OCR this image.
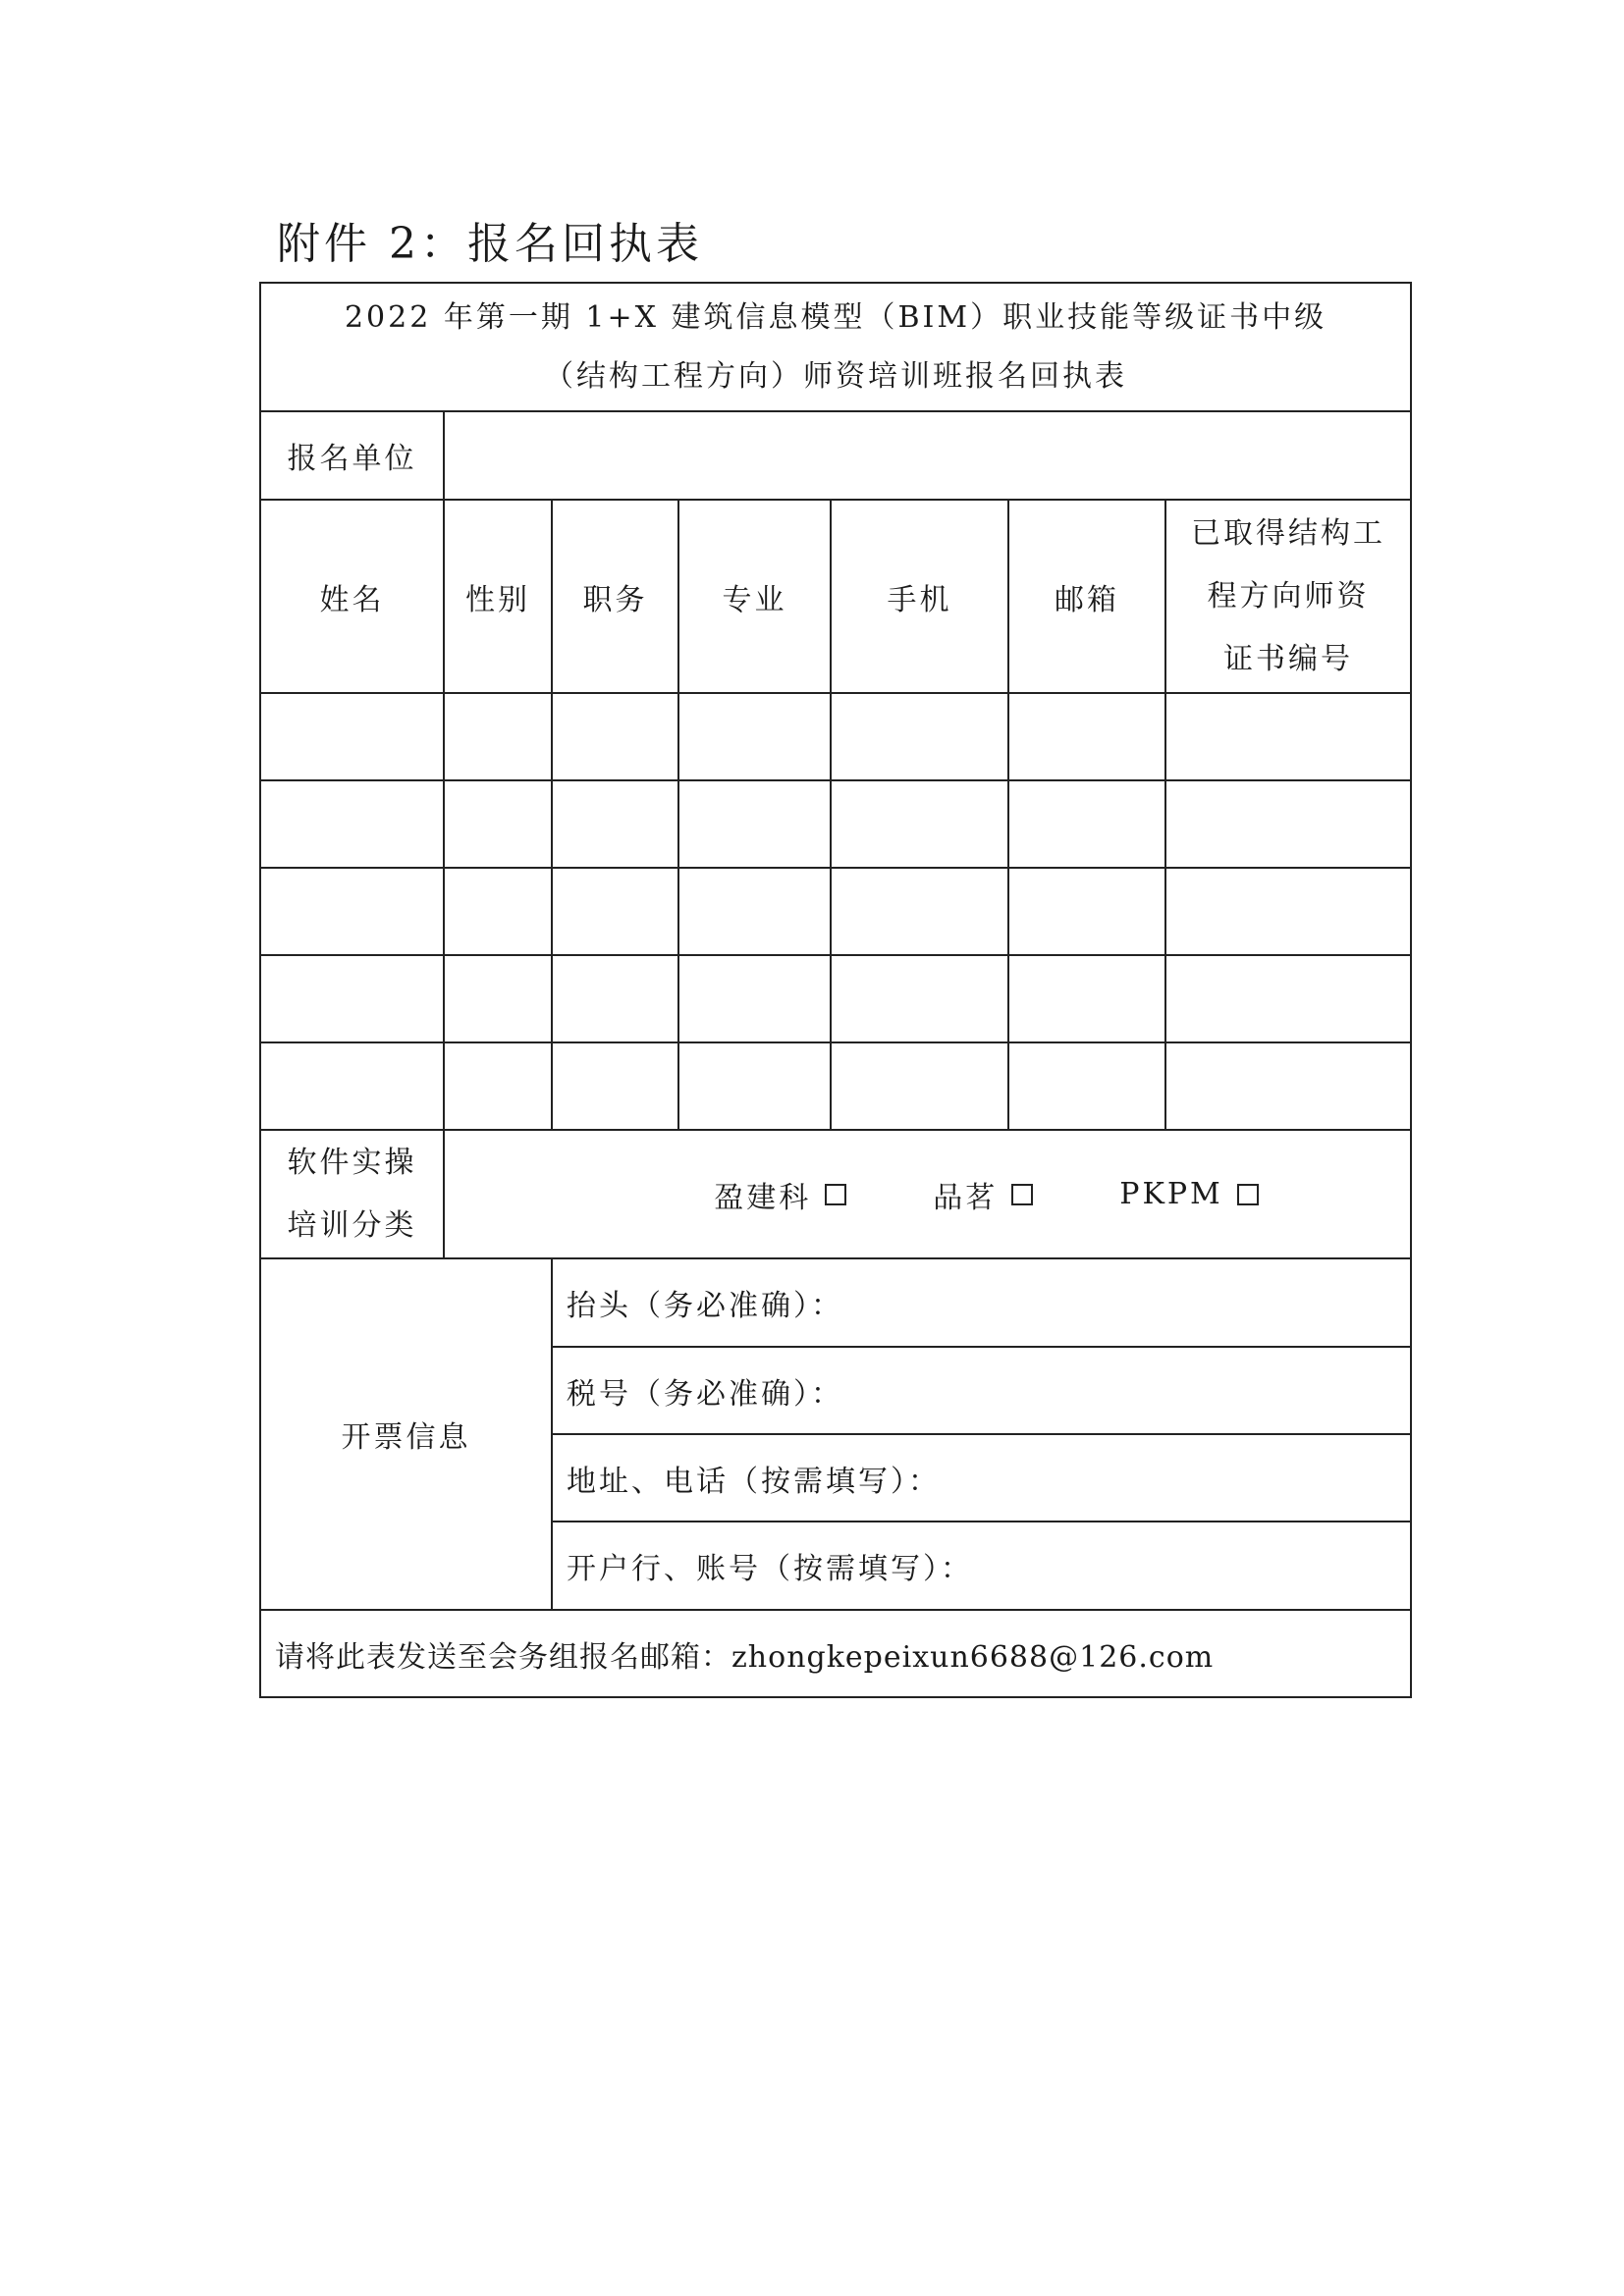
附件 2：报名回执表
2022 年第一期 1+X 建筑信息模型（BIM）职业技能等级证书中级
（结构工程方向）师资培训班报名回执表						

报名单位						
姓名	性别	职务	专业	手机	邮箱	已取得结构工
程方向师资
证书编号

软件实操
培训分类	盈建科 品茗 PKPM					

开票信息		抬头（务必准确）：				
		税号（务必准确）：				
		地址、电话（按需填写）：				
		开户行、账号（按需填写）：				
请将此表发送至会务组报名邮箱：zhongkepeixun6688@126.com						
